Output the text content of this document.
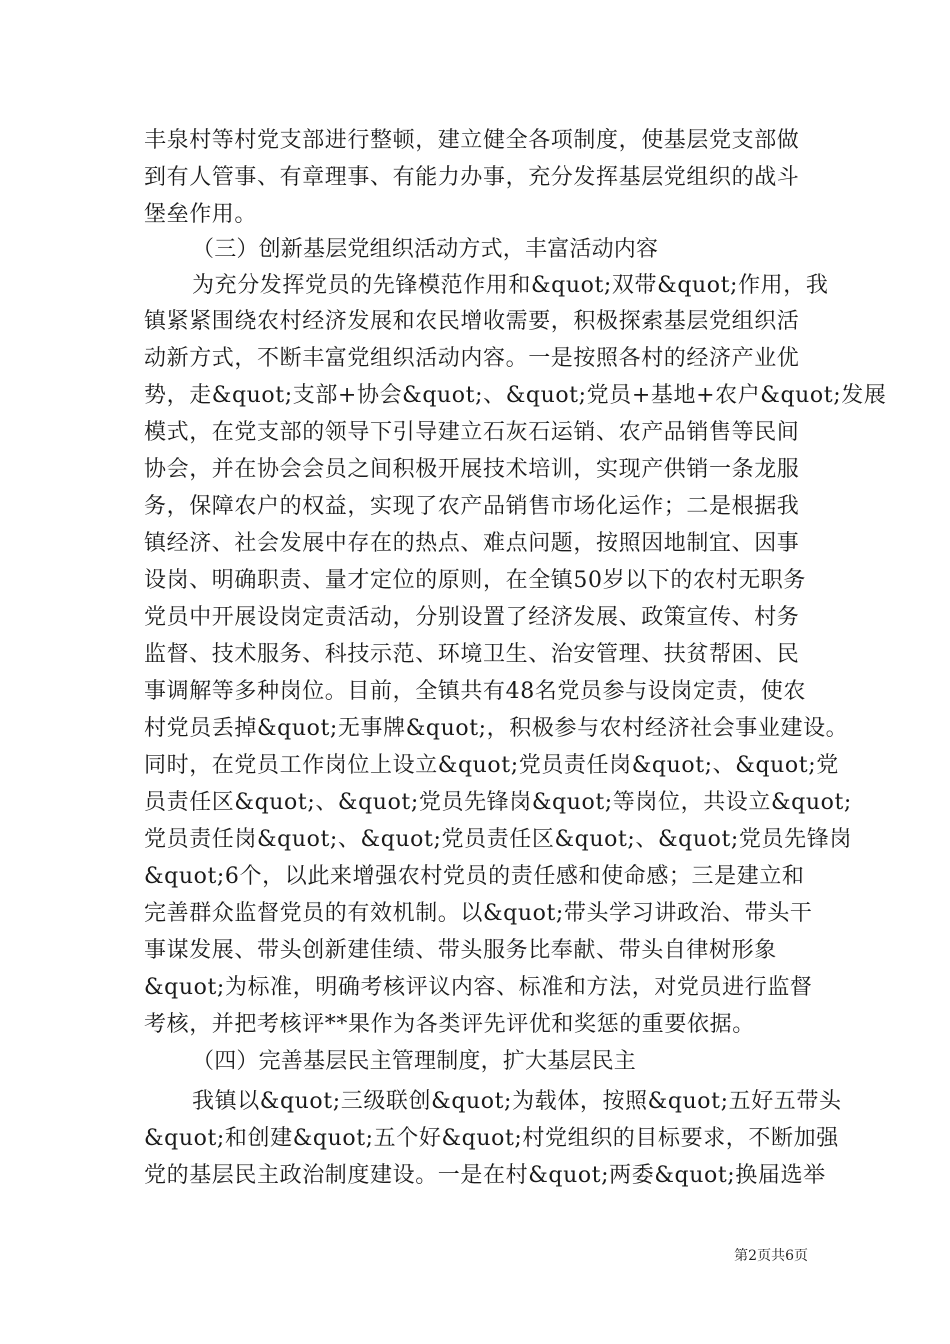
丰泉村等村党支部进行整顿，建立健全各项制度，使基层党支部做
到有人管事、有章理事、有能力办事，充分发挥基层党组织的战斗
堡垒作用。
（三）创新基层党组织活动方式，丰富活动内容
为充分发挥党员的先锋模范作用和&quot;双带&quot;作用，我
镇紧紧围绕农村经济发展和农民增收需要，积极探索基层党组织活
动新方式，不断丰富党组织活动内容。一是按照各村的经济产业优
势，走&quot;支部+协会&quot;、&quot;党员+基地+农户&quot;发展
模式，在党支部的领导下引导建立石灰石运销、农产品销售等民间
协会，并在协会会员之间积极开展技术培训，实现产供销一条龙服
务，保障农户的权益，实现了农产品销售市场化运作；二是根据我
镇经济、社会发展中存在的热点、难点问题，按照因地制宜、因事
设岗、明确职责、量才定位的原则，在全镇50岁以下的农村无职务
党员中开展设岗定责活动，分别设置了经济发展、政策宣传、村务
监督、技术服务、科技示范、环境卫生、治安管理、扶贫帮困、民
事调解等多种岗位。目前，全镇共有48名党员参与设岗定责，使农
村党员丢掉&quot;无事牌&quot;，积极参与农村经济社会事业建设。
同时，在党员工作岗位上设立&quot;党员责任岗&quot;、&quot;党
员责任区&quot;、&quot;党员先锋岗&quot;等岗位，共设立&quot;
党员责任岗&quot;、&quot;党员责任区&quot;、&quot;党员先锋岗
&quot;6个，以此来增强农村党员的责任感和使命感；三是建立和
完善群众监督党员的有效机制。以&quot;带头学习讲政治、带头干
事谋发展、带头创新建佳绩、带头服务比奉献、带头自律树形象
&quot;为标准，明确考核评议内容、标准和方法，对党员进行监督
考核，并把考核评**果作为各类评先评优和奖惩的重要依据。
（四）完善基层民主管理制度，扩大基层民主
我镇以&quot;三级联创&quot;为载体，按照&quot;五好五带头
&quot;和创建&quot;五个好&quot;村党组织的目标要求，不断加强
党的基层民主政治制度建设。一是在村&quot;两委&quot;换届选举
第2页共6页
